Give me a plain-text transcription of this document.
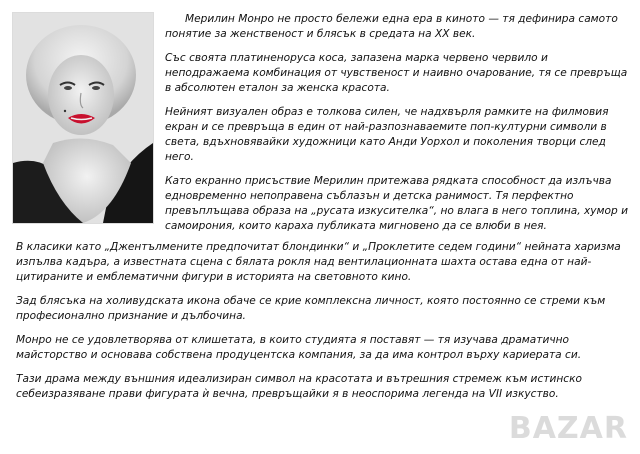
Мерилин Монро не просто бележи една ера в киното — тя дефинира самото понятие за женственост и блясък в средата на XX век.

Със своята платиненоруса коса, запазена марка червено червило и неподражаема комбинация от чувственост и наивно очарование, тя се превръща в абсолютен еталон за женска красота.

Нейният визуален образ е толкова силен, че надхвърля рамките на филмовия екран и се превръща в един от най-разпознаваемите поп-културни символи в света, вдъхновявайки художници като Анди Уорхол и поколения творци след него.

Като екранно присъствие Мерилин притежава рядката способност да излъчва едновременно непоправена съблазън и детска ранимост. Тя перфектно превъплъщава образа на „русата изкусителка“, но влага в него топлина, хумор и самоирония, които караха публиката мигновено да се влюби в нея.

В класики като „Джентълмените предпочитат блондинки“ и „Проклетите седем години“ нейната харизма изпълва кадъра, а известната сцена с бялата рокля над вентилационната шахта остава една от най-цитираните и емблематични фигури в историята на световното кино.

Зад блясъка на холивудската икона обаче се крие комплексна личност, която постоянно се стреми към професионално признание и дълбочина.

Монро не се удовлетворява от клишетата, в които студията я поставят — тя изучава драматично майсторство и основава собствена продуцентска компания, за да има контрол върху кариерата си.

Тази драма между външния идеализиран символ на красотата и вътрешния стремеж към истинско себеизразяване прави фигурата ѝ вечна, превръщайки я в неоспорима легенда на VII изкуство.

BAZAR
